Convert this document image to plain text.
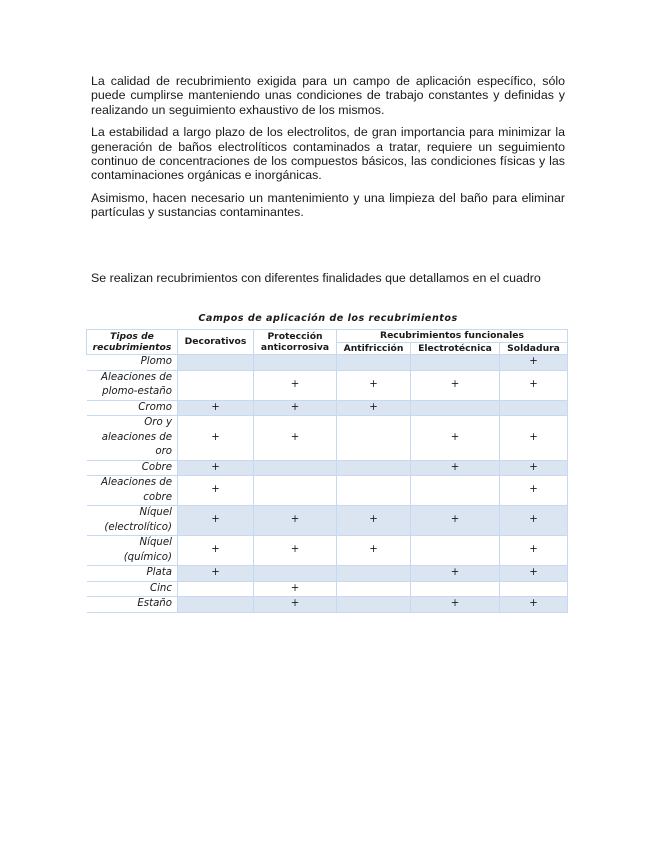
La calidad de recubrimiento exigida para un campo de aplicación específico, sólo puede cumplirse manteniendo unas condiciones de trabajo constantes y definidas y realizando un seguimiento exhaustivo de los mismos.

La estabilidad a largo plazo de los electrolitos, de gran importancia para minimizar la generación de baños electrolíticos contaminados a tratar, requiere un seguimiento continuo de concentraciones de los compuestos básicos, las condiciones físicas y las contaminaciones orgánicas e inorgánicas.

Asimismo, hacen necesario un mantenimiento y una limpieza del baño para eliminar partículas y sustancias contaminantes.

Se realizan recubrimientos con diferentes finalidades que detallamos en el cuadro

Campos de aplicación de los recubrimientos
Tipos de recubrimientos	Decorativos	Protección anticorrosiva	Recubrimientos funcionales		
			Antifricción	Electrotécnica	Soldadura
Plomo					+
Aleaciones de plomo-estaño		+	+	+	+
Cromo	+	+	+		
Oro y aleaciones de oro	+	+		+	+
Cobre	+			+	+
Aleaciones de cobre	+				+
Níquel (electrolítico)	+	+	+	+	+
Níquel (químico)	+	+	+		+
Plata	+			+	+
Cinc		+			
Estaño		+		+	+
